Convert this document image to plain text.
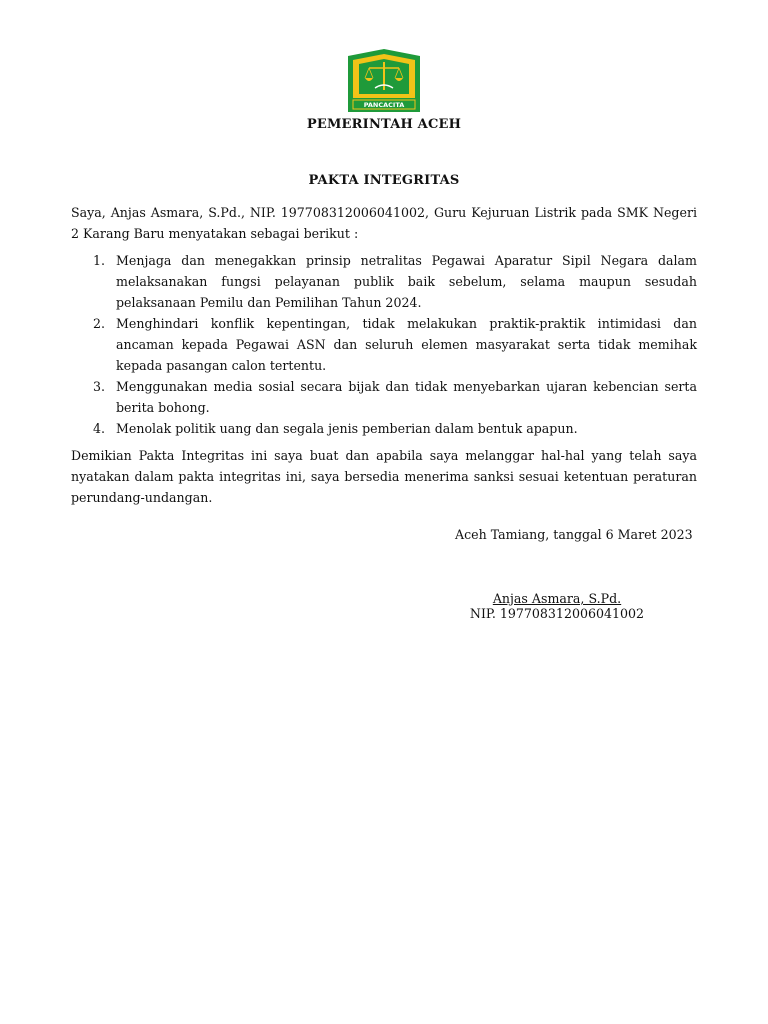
PANCACITA
PEMERINTAH ACEH
PAKTA INTEGRITAS

Saya, Anjas Asmara, S.Pd., NIP. 197708312006041002, Guru Kejuruan Listrik pada SMK Negeri 2 Karang Baru menyatakan sebagai berikut :

1. Menjaga dan menegakkan prinsip netralitas Pegawai Aparatur Sipil Negara dalam melaksanakan fungsi pelayanan publik baik sebelum, selama maupun sesudah pelaksanaan Pemilu dan Pemilihan Tahun 2024.
2. Menghindari konflik kepentingan, tidak melakukan praktik-praktik intimidasi dan ancaman kepada Pegawai ASN dan seluruh elemen masyarakat serta tidak memihak kepada pasangan calon tertentu.
3. Menggunakan media sosial secara bijak dan tidak menyebarkan ujaran kebencian serta berita bohong.
4. Menolak politik uang dan segala jenis pemberian dalam bentuk apapun.

Demikian Pakta Integritas ini saya buat dan apabila saya melanggar hal-hal yang telah saya nyatakan dalam pakta integritas ini, saya bersedia menerima sanksi sesuai ketentuan peraturan perundang-undangan.

Aceh Tamiang, tanggal 6 Maret 2023
Anjas Asmara, S.Pd.
NIP. 197708312006041002
